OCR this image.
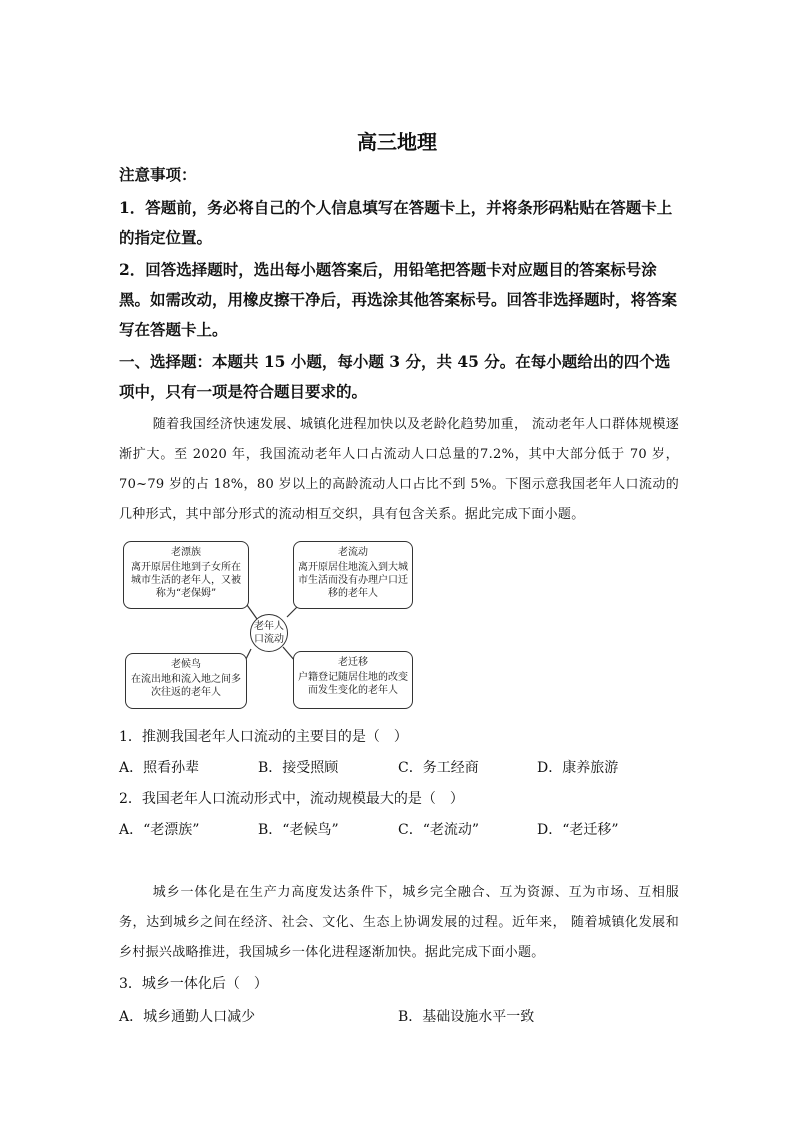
高三地理
注意事项：
1．答题前，务必将自己的个人信息填写在答题卡上，并将条形码粘贴在答题卡上的指定位置。
2．回答选择题时，选出每小题答案后，用铅笔把答题卡对应题目的答案标号涂黑。如需改动，用橡皮擦干净后，再选涂其他答案标号。回答非选择题时，将答案写在答题卡上。
一、选择题：本题共 15 小题，每小题 3 分，共 45 分。在每小题给出的四个选项中，只有一项是符合题目要求的。
随着我国经济快速发展、城镇化进程加快以及老龄化趋势加重， 流动老年人口群体规模逐渐扩大。至 2020 年，我国流动老年人口占流动人口总量的7.2%，其中大部分低于 70 岁，70~79 岁的占 18%，80 岁以上的高龄流动人口占比不到 5%。下图示意我国老年人口流动的几种形式，其中部分形式的流动相互交织，具有包含关系。据此完成下面小题。
老漂族
离开原居住地到子女所在城市生活的老年人，又被称为“老保姆”
老流动
离开原居住地流入到大城市生活而没有办理户口迁移的老年人
老候鸟
在流出地和流入地之间多次往返的老年人
老迁移
户籍登记随居住地的改变而发生变化的老年人
老年人口流动
1．推测我国老年人口流动的主要目的是（　）
A．照看孙辈	B．接受照顾	C．务工经商	D．康养旅游
2．我国老年人口流动形式中，流动规模最大的是（　）
A．“老漂族”	B．“老候鸟”	C．“老流动”	D．“老迁移”
城乡一体化是在生产力高度发达条件下，城乡完全融合、互为资源、互为市场、互相服务，达到城乡之间在经济、社会、文化、生态上协调发展的过程。近年来， 随着城镇化发展和乡村振兴战略推进，我国城乡一体化进程逐渐加快。据此完成下面小题。
3．城乡一体化后（　）
A．城乡通勤人口减少	B．基础设施水平一致
